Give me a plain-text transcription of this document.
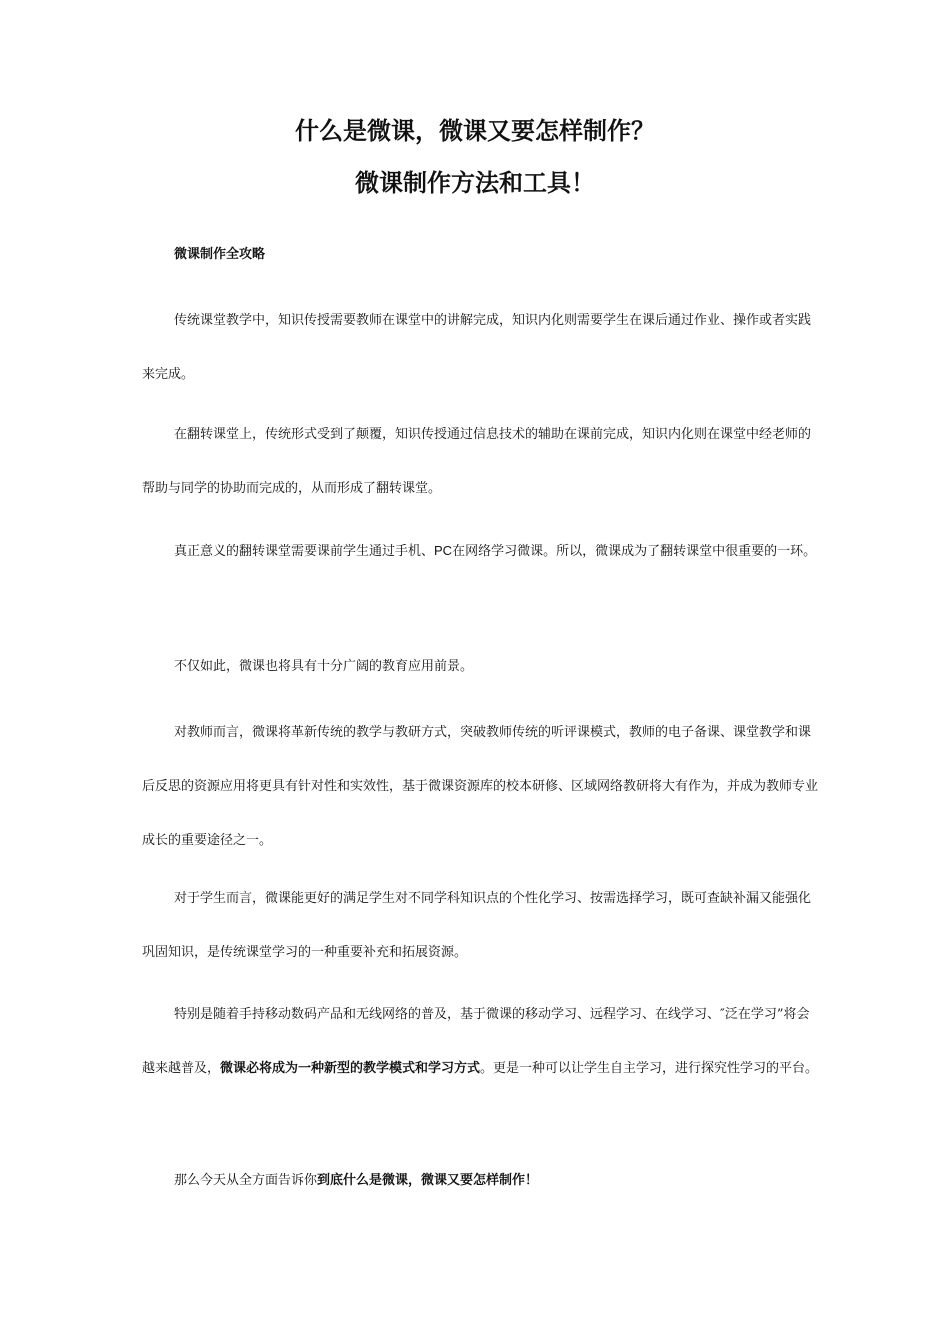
什么是微课，微课又要怎样制作？
微课制作方法和工具！

微课制作全攻略

传统课堂教学中，知识传授需要教师在课堂中的讲解完成，知识内化则需要学生在课后通过作业、操作或者实践来完成。

在翻转课堂上，传统形式受到了颠覆，知识传授通过信息技术的辅助在课前完成，知识内化则在课堂中经老师的帮助与同学的协助而完成的，从而形成了翻转课堂。

真正意义的翻转课堂需要课前学生通过手机、PC在网络学习微课。所以，微课成为了翻转课堂中很重要的一环。

不仅如此，微课也将具有十分广阔的教育应用前景。

对教师而言，微课将革新传统的教学与教研方式，突破教师传统的听评课模式，教师的电子备课、课堂教学和课后反思的资源应用将更具有针对性和实效性，基于微课资源库的校本研修、区域网络教研将大有作为，并成为教师专业成长的重要途径之一。

对于学生而言，微课能更好的满足学生对不同学科知识点的个性化学习、按需选择学习，既可查缺补漏又能强化巩固知识，是传统课堂学习的一种重要补充和拓展资源。

特别是随着手持移动数码产品和无线网络的普及，基于微课的移动学习、远程学习、在线学习、″泛在学习”将会越来越普及，微课必将成为一种新型的教学模式和学习方式。更是一种可以让学生自主学习，进行探究性学习的平台。

那么今天从全方面告诉你到底什么是微课，微课又要怎样制作！
